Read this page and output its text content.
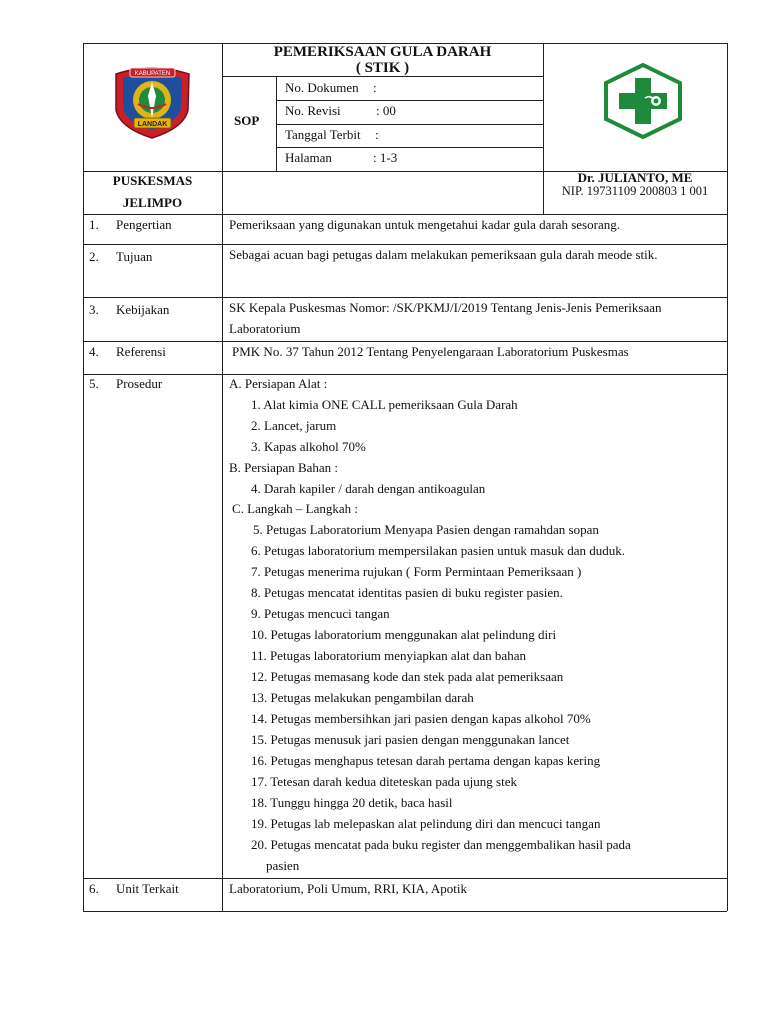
KABUPATEN
LANDAK
PEMERIKSAAN GULA DARAH
( STIK )
SOP
No. Dokumen :
No. Revisi	: 00
Tanggal Terbit :
Halaman	: 1-3
PUSKESMAS
JELIMPO
Dr. JULIANTO, ME
NIP. 19731109 200803 1 001
1. Pengertian
2. Tujuan
3. Kebijakan
4. Referensi
5. Prosedur
6. Unit Terkait
Pemeriksaan yang digunakan untuk mengetahui kadar gula darah sesorang.
Sebagai acuan bagi petugas dalam melakukan pemeriksaan gula darah meode stik.
SK Kepala Puskesmas Nomor: /SK/PKMJ/I/2019 Tentang Jenis-Jenis Pemeriksaan Laboratorium
PMK No. 37 Tahun 2012 Tentang Penyelengaraan Laboratorium Puskesmas
Laboratorium, Poli Umum, RRI, KIA, Apotik
A. Persiapan Alat :
1. Alat kimia ONE CALL pemeriksaan Gula Darah
2. Lancet, jarum
3. Kapas alkohol 70%
B. Persiapan Bahan :
4. Darah kapiler / darah dengan antikoagulan
C. Langkah – Langkah :
5. Petugas Laboratorium Menyapa Pasien dengan ramahdan sopan
6. Petugas laboratorium mempersilakan pasien untuk masuk dan duduk.
7. Petugas menerima rujukan ( Form Permintaan Pemeriksaan )
8. Petugas mencatat identitas pasien di buku register pasien.
9. Petugas mencuci tangan
10. Petugas laboratorium menggunakan alat pelindung diri
11. Petugas laboratorium menyiapkan alat dan bahan
12. Petugas memasang kode dan stek pada alat pemeriksaan
13. Petugas melakukan pengambilan darah
14. Petugas membersihkan jari pasien dengan kapas alkohol 70%
15. Petugas menusuk jari pasien dengan menggunakan lancet
16. Petugas menghapus tetesan darah pertama dengan kapas kering
17. Tetesan darah kedua diteteskan pada ujung stek
18. Tunggu hingga 20 detik, baca hasil
19. Petugas lab melepaskan alat pelindung diri dan mencuci tangan
20. Petugas mencatat pada buku register dan menggembalikan hasil pada
pasien
